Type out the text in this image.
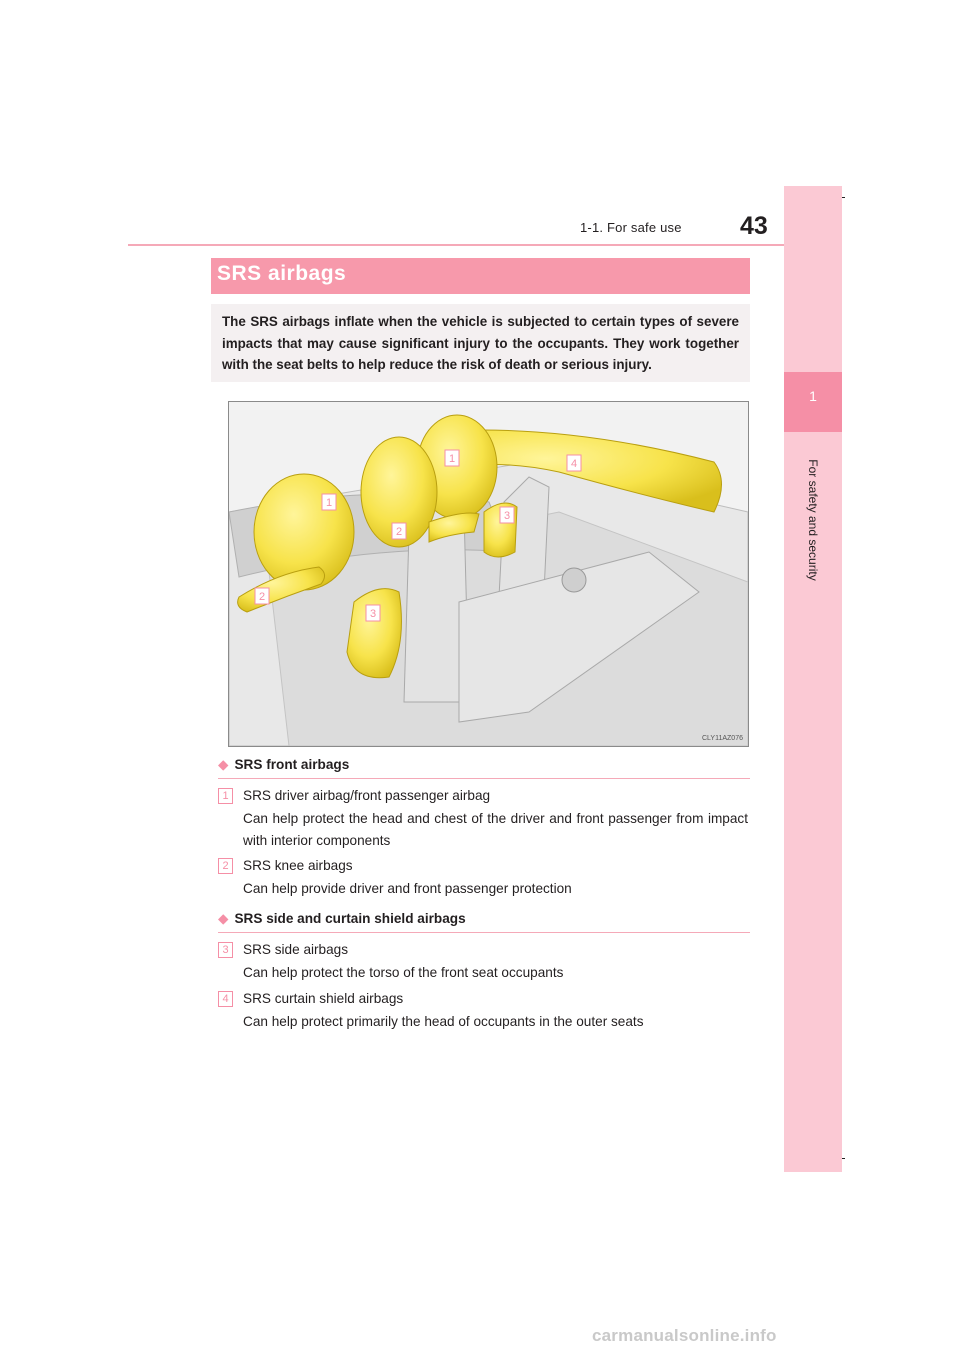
1-1. For safe use 43
1
For safety and security
SRS airbags
The SRS airbags inflate when the vehicle is subjected to certain types of severe impacts that may cause significant injury to the occupants. They work together with the seat belts to help reduce the risk of death or serious injury.
1
1
2
2
3
3
4
CLY11AZ076
◆ SRS front airbags
1	SRS driver airbag/front passenger airbag
Can help protect the head and chest of the driver and front passenger from impact with interior components
2	SRS knee airbags
Can help provide driver and front passenger protection
◆ SRS side and curtain shield airbags
3	SRS side airbags
Can help protect the torso of the front seat occupants
4	SRS curtain shield airbags
Can help protect primarily the head of occupants in the outer seats
carmanualsonline.info
